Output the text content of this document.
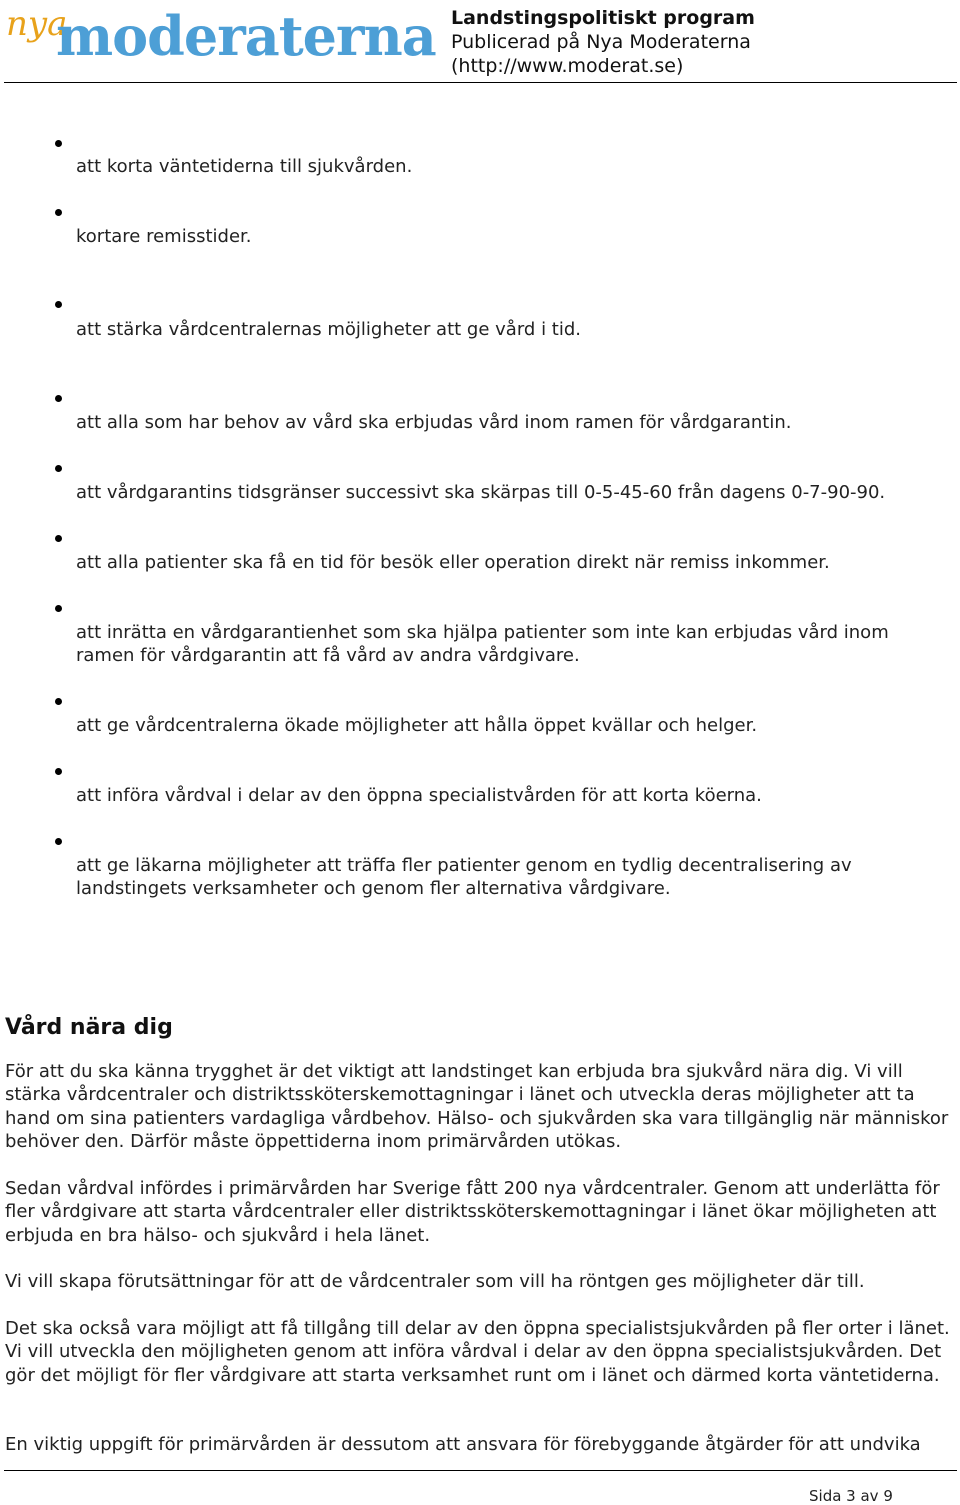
nya
moderaterna Landstingspolitiskt program
Publicerad på Nya Moderaterna
(http://www.moderat.se)
att korta väntetiderna till sjukvården.
kortare remisstider.
att stärka vårdcentralernas möjligheter att ge vård i tid.
att alla som har behov av vård ska erbjudas vård inom ramen för vårdgarantin.
att vårdgarantins tidsgränser successivt ska skärpas till 0-5-45-60 från dagens 0-7-90-90.
att alla patienter ska få en tid för besök eller operation direkt när remiss inkommer.
att inrätta en vårdgarantienhet som ska hjälpa patienter som inte kan erbjudas vård inom ramen för vårdgarantin att få vård av andra vårdgivare.
att ge vårdcentralerna ökade möjligheter att hålla öppet kvällar och helger.
att införa vårdval i delar av den öppna specialistvården för att korta köerna.
att ge läkarna möjligheter att träffa fler patienter genom en tydlig decentralisering av landstingets verksamheter och genom fler alternativa vårdgivare.
Vård nära dig
För att du ska känna trygghet är det viktigt att landstinget kan erbjuda bra sjukvård nära dig. Vi vill stärka vårdcentraler och distriktssköterskemottagningar i länet och utveckla deras möjligheter att ta hand om sina patienters vardagliga vårdbehov. Hälso- och sjukvården ska vara tillgänglig när människor behöver den. Därför måste öppettiderna inom primärvården utökas.
Sedan vårdval infördes i primärvården har Sverige fått 200 nya vårdcentraler. Genom att underlätta för fler vårdgivare att starta vårdcentraler eller distriktssköterskemottagningar i länet ökar möjligheten att erbjuda en bra hälso- och sjukvård i hela länet.
Vi vill skapa förutsättningar för att de vårdcentraler som vill ha röntgen ges möjligheter där till.
Det ska också vara möjligt att få tillgång till delar av den öppna specialistsjukvården på fler orter i länet. Vi vill utveckla den möjligheten genom att införa vårdval i delar av den öppna specialistsjukvården. Det gör det möjligt för fler vårdgivare att starta verksamhet runt om i länet och därmed korta väntetiderna.
En viktig uppgift för primärvården är dessutom att ansvara för förebyggande åtgärder för att undvika
Sida 3 av 9
